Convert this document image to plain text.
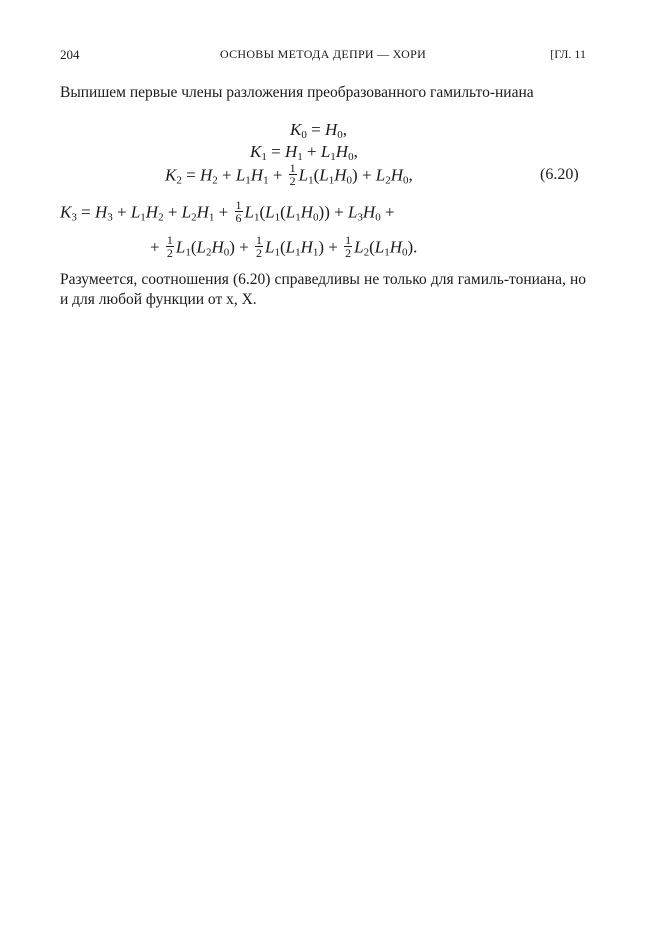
204	ОСНОВЫ МЕТОДА ДЕПРИ — ХОРИ	[ГЛ. 11
Выпишем первые члены разложения преобразованного гамильто-ниана
$K_0 = H_0$,
$K_1 = H_1 + L_1H_0$,
$K_2 = H_2 + L_1H_1 + \frac{1}{2} L_1(L_1H_0) + L_2H_0$,	(6.20)
$K_3 = H_3 + L_1H_2 + L_2H_1 + \frac{1}{6} L_1(L_1(L_1H_0)) + L_3H_0$ +
+ $\frac{1}{2} L_1(L_2H_0) + \frac{1}{2} L_1(L_1H_1) + \frac{1}{2} L_2(L_1H_0)$.
Разумеется, соотношения (6.20) справедливы не только для гамиль-тониана, но и для любой функции от x, X.
